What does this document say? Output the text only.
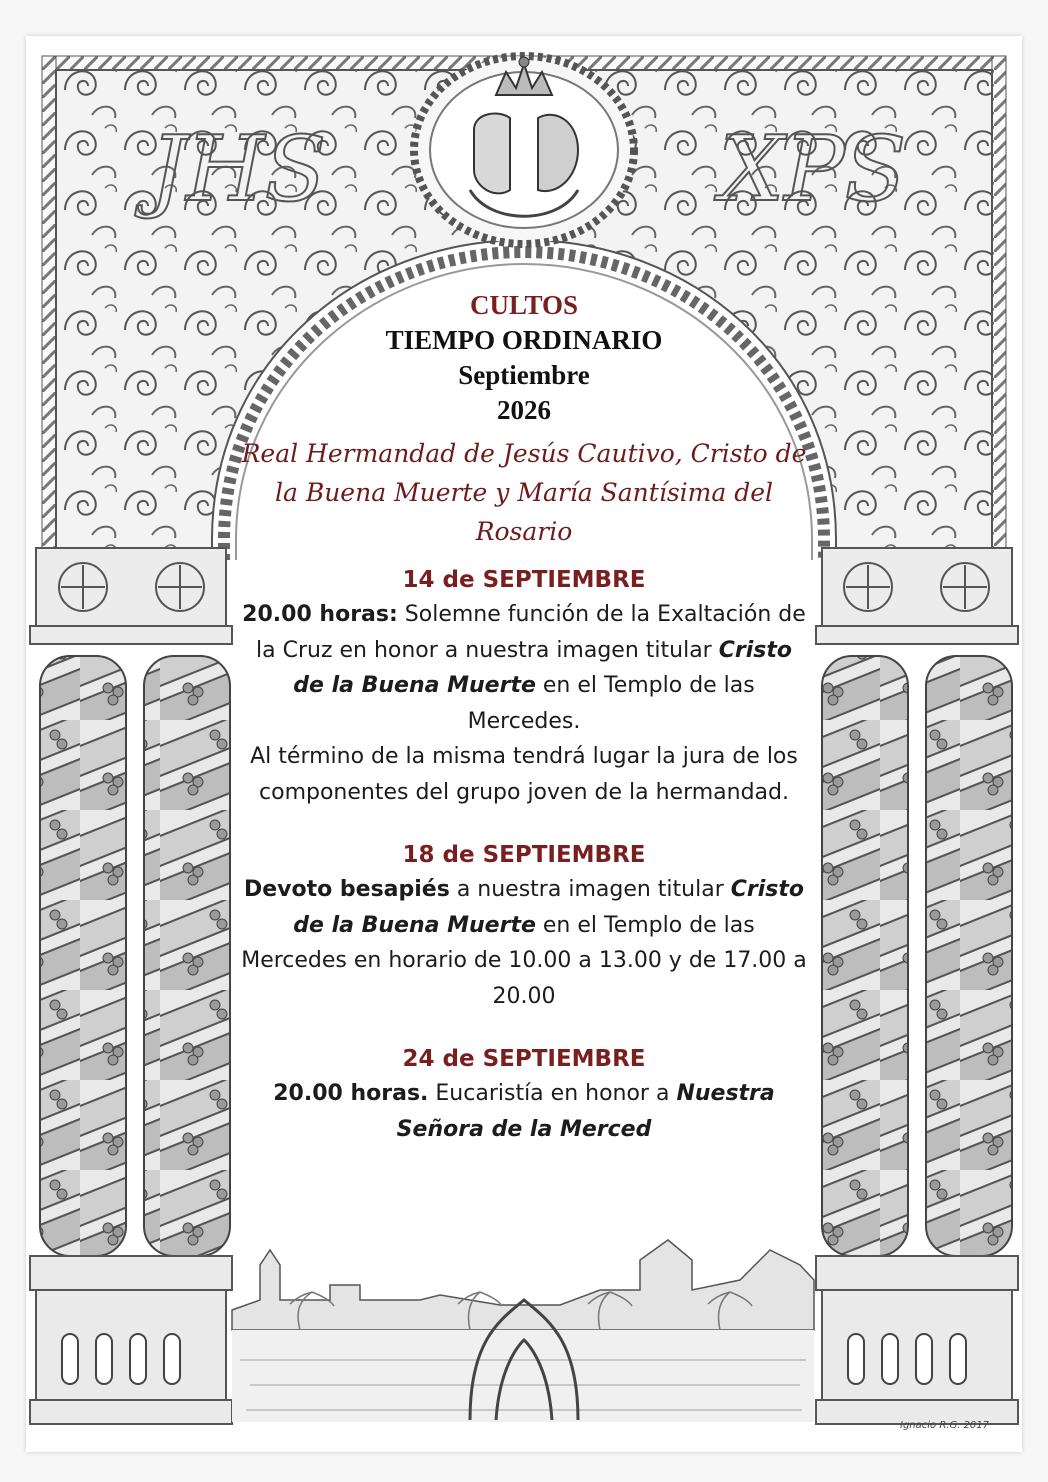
JHS	XPS
Ignacio R.G. 2017
CULTOS
TIEMPO ORDINARIO
Septiembre
2026
Real Hermandad de Jesús Cautivo, Cristo de la Buena Muerte y María Santísima del Rosario
14 de SEPTIEMBRE
20.00 horas: Solemne función de la Exaltación de la Cruz en honor a nuestra imagen titular Cristo de la Buena Muerte en el Templo de las Mercedes.
Al término de la misma tendrá lugar la jura de los componentes del grupo joven de la hermandad.
18 de SEPTIEMBRE
Devoto besapiés a nuestra imagen titular Cristo de la Buena Muerte en el Templo de las Mercedes en horario de 10.00 a 13.00 y de 17.00 a 20.00
24 de SEPTIEMBRE
20.00 horas. Eucaristía en honor a Nuestra Señora de la Merced
